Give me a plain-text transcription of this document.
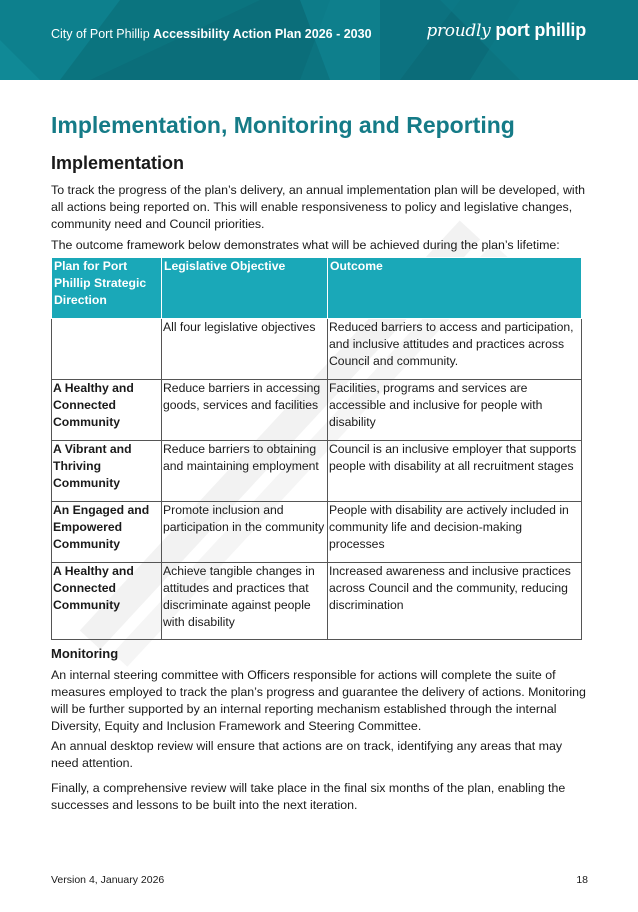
City of Port Phillip Accessibility Action Plan 2026 - 2030	proudly port phillip
Implementation, Monitoring and Reporting
Implementation

To track the progress of the plan’s delivery, an annual implementation plan will be developed, with all actions being reported on. This will enable responsiveness to policy and legislative changes, community need and Council priorities.

The outcome framework below demonstrates what will be achieved during the plan’s lifetime:

Plan for Port Phillip Strategic Direction	Legislative Objective	Outcome
	All four legislative objectives	Reduced barriers to access and participation, and inclusive attitudes and practices across Council and community.
A Healthy and Connected Community	Reduce barriers in accessing goods, services and facilities	Facilities, programs and services are accessible and inclusive for people with disability
A Vibrant and Thriving Community	Reduce barriers to obtaining and maintaining employment	Council is an inclusive employer that supports people with disability at all recruitment stages
An Engaged and Empowered Community	Promote inclusion and participation in the community	People with disability are actively included in community life and decision-making processes
A Healthy and Connected Community	Achieve tangible changes in attitudes and practices that discriminate against people with disability	Increased awareness and inclusive practices across Council and the community, reducing discrimination
Monitoring

An internal steering committee with Officers responsible for actions will complete the suite of measures employed to track the plan’s progress and guarantee the delivery of actions. Monitoring will be further supported by an internal reporting mechanism established through the internal Diversity, Equity and Inclusion Framework and Steering Committee.

An annual desktop review will ensure that actions are on track, identifying any areas that may need attention.

Finally, a comprehensive review will take place in the final six months of the plan, enabling the successes and lessons to be built into the next iteration.

Version 4, January 2026	18
